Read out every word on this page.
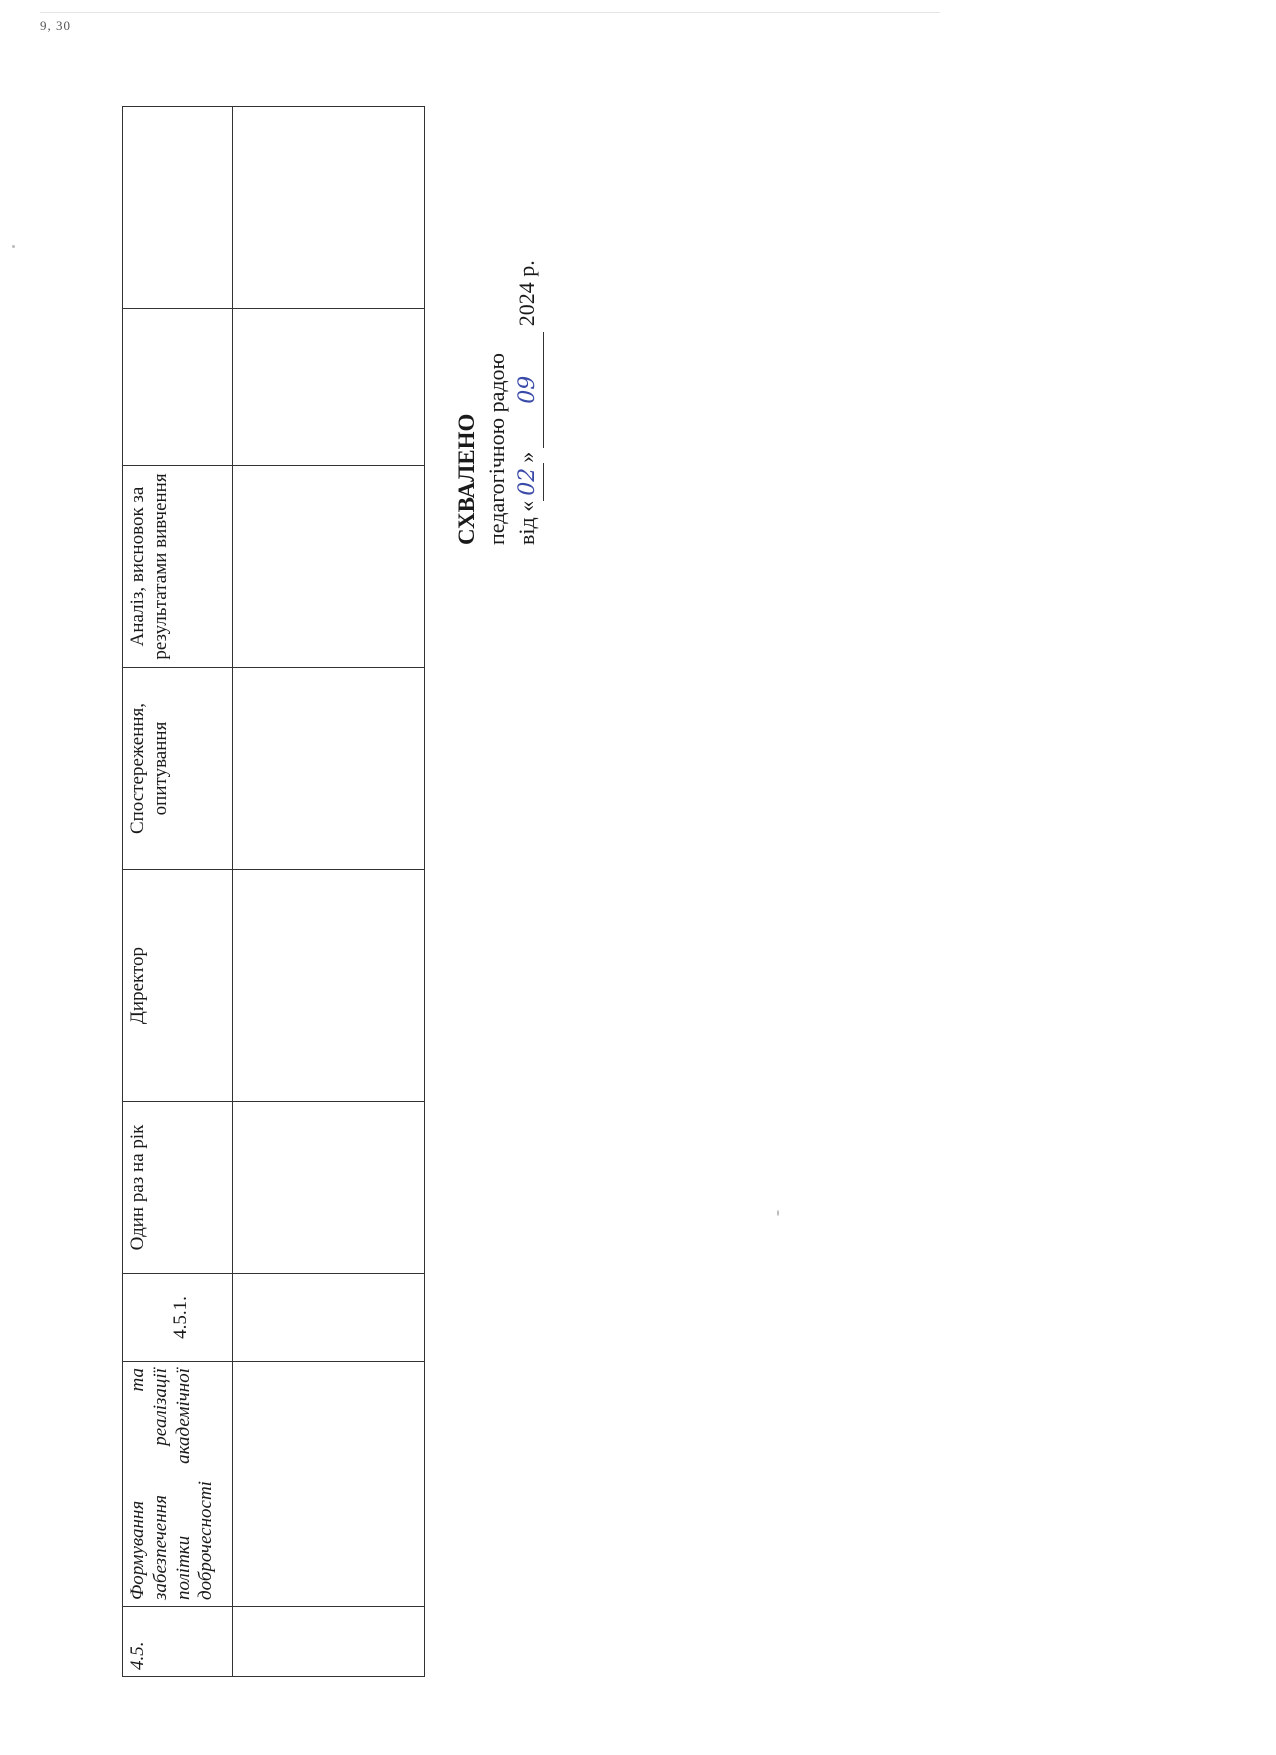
9, 30
4.5.	Формування та забезпечення реалізації політки академічної доброчесності	4.5.1.	Один раз на рік	Директор	Спостереження, опитування	Аналіз, висновок за результатами вивчення		
									СХВАЛЕНО педагогічною радою від «02»09 2024 р.
